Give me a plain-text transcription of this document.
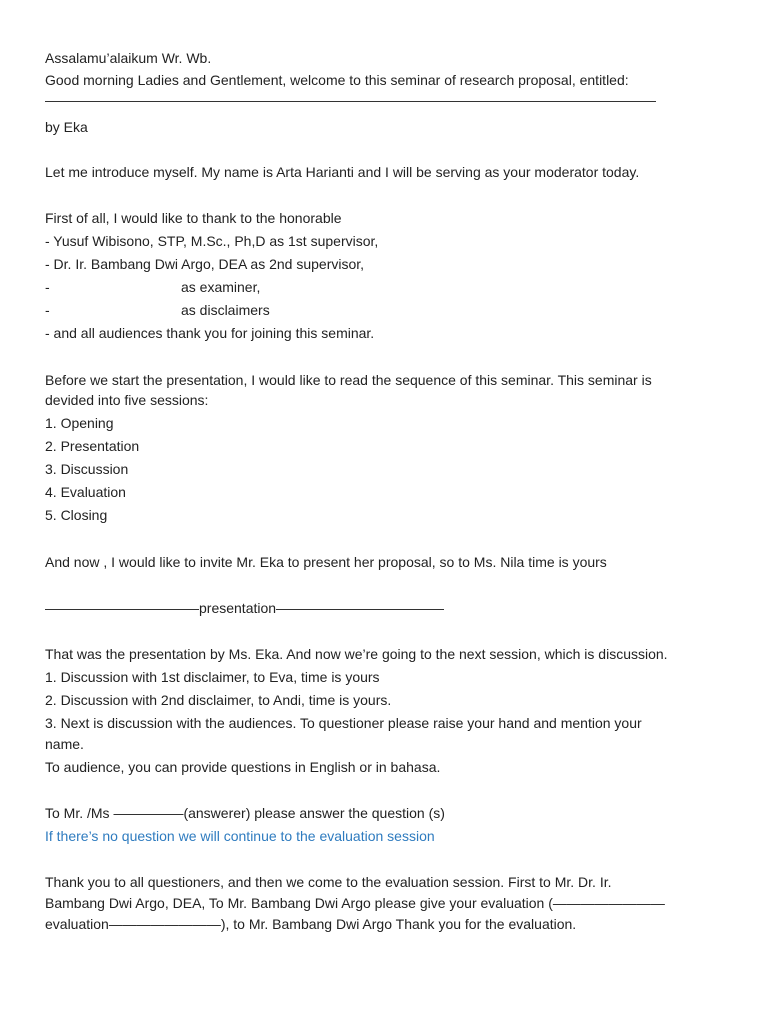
Assalamu’alaikum Wr. Wb.
Good morning Ladies and Gentlement, welcome to this seminar of research proposal, entitled:
by Eka
Let me introduce myself. My name is Arta Harianti and I will be serving as your moderator today.
First of all, I would like to thank to the honorable
- Yusuf Wibisono, STP, M.Sc., Ph,D as 1st supervisor,
- Dr. Ir. Bambang Dwi Argo, DEA as 2nd supervisor,
-	as examiner,
-	as disclaimers
- and all audiences thank you for joining this seminar.
Before we start the presentation, I would like to read the sequence of this seminar. This seminar is
devided into five sessions:
1. Opening
2. Presentation
3. Discussion
4. Evaluation
5. Closing
And now , I would like to invite Mr. Eka to present her proposal, so to Ms. Nila time is yours
———————————presentation————————————
That was the presentation by Ms. Eka. And now we’re going to the next session, which is discussion.
1. Discussion with 1st disclaimer, to Eva, time is yours
2. Discussion with 2nd disclaimer, to Andi, time is yours.
3. Next is discussion with the audiences. To questioner please raise your hand and mention your
name.
To audience, you can provide questions in English or in bahasa.
To Mr. /Ms —————(answerer) please answer the question (s)
If there’s no question we will continue to the evaluation session
Thank you to all questioners, and then we come to the evaluation session. First to Mr. Dr. Ir.
Bambang Dwi Argo, DEA, To Mr. Bambang Dwi Argo please give your evaluation (————————
evaluation————————), to Mr. Bambang Dwi Argo Thank you for the evaluation.
